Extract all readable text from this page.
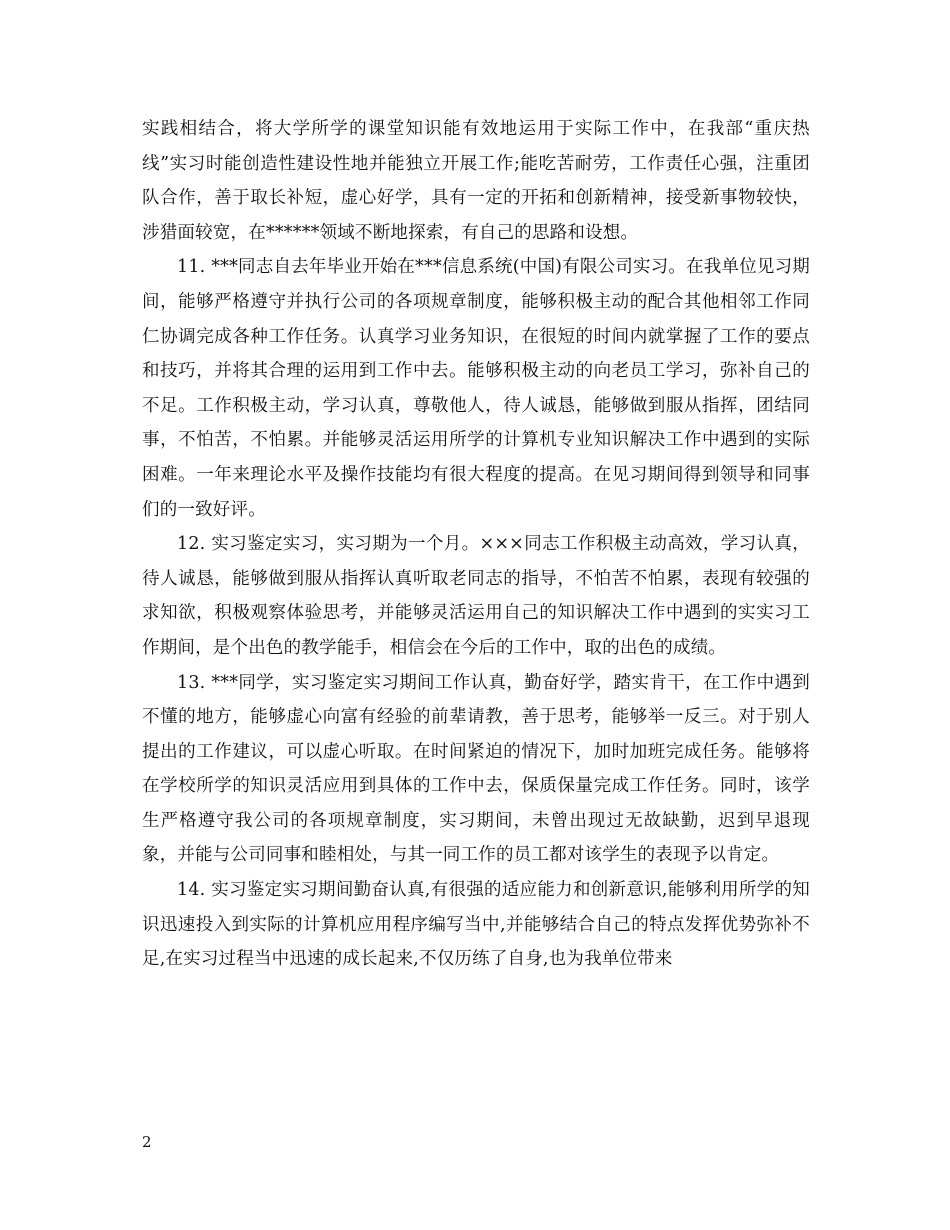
实践相结合，将大学所学的课堂知识能有效地运用于实际工作中，在我部“重庆热线”实习时能创造性建设性地并能独立开展工作;能吃苦耐劳，工作责任心强，注重团队合作，善于取长补短，虚心好学，具有一定的开拓和创新精神，接受新事物较快，涉猎面较宽，在******领域不断地探索，有自己的思路和设想。

11. ***同志自去年毕业开始在***信息系统(中国)有限公司实习。在我单位见习期间，能够严格遵守并执行公司的各项规章制度，能够积极主动的配合其他相邻工作同仁协调完成各种工作任务。认真学习业务知识，在很短的时间内就掌握了工作的要点和技巧，并将其合理的运用到工作中去。能够积极主动的向老员工学习，弥补自己的不足。工作积极主动，学习认真，尊敬他人，待人诚恳，能够做到服从指挥，团结同事，不怕苦，不怕累。并能够灵活运用所学的计算机专业知识解决工作中遇到的实际困难。一年来理论水平及操作技能均有很大程度的提高。在见习期间得到领导和同事们的一致好评。

12. 实习鉴定实习，实习期为一个月。×××同志工作积极主动高效，学习认真，待人诚恳，能够做到服从指挥认真听取老同志的指导，不怕苦不怕累，表现有较强的求知欲，积极观察体验思考，并能够灵活运用自己的知识解决工作中遇到的实实习工作期间，是个出色的教学能手，相信会在今后的工作中，取的出色的成绩。

13. ***同学，实习鉴定实习期间工作认真，勤奋好学，踏实肯干，在工作中遇到不懂的地方，能够虚心向富有经验的前辈请教，善于思考，能够举一反三。对于别人提出的工作建议，可以虚心听取。在时间紧迫的情况下，加时加班完成任务。能够将在学校所学的知识灵活应用到具体的工作中去，保质保量完成工作任务。同时，该学生严格遵守我公司的各项规章制度，实习期间，未曾出现过无故缺勤，迟到早退现象，并能与公司同事和睦相处，与其一同工作的员工都对该学生的表现予以肯定。

14. 实习鉴定实习期间勤奋认真,有很强的适应能力和创新意识,能够利用所学的知识迅速投入到实际的计算机应用程序编写当中,并能够结合自己的特点发挥优势弥补不足,在实习过程当中迅速的成长起来,不仅历练了自身,也为我单位带来

2
